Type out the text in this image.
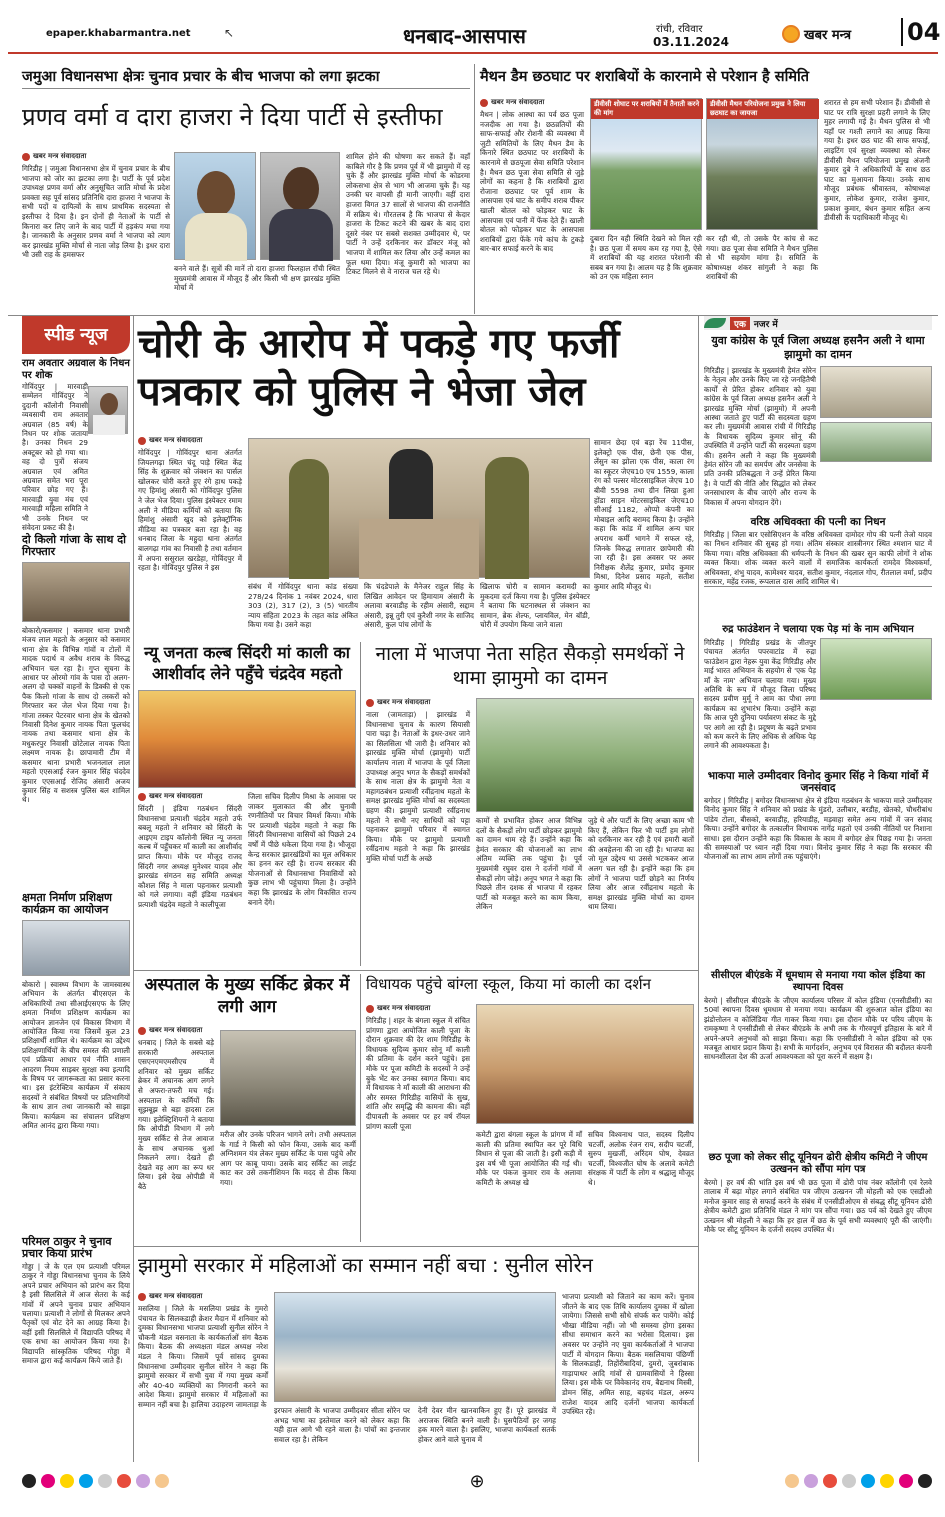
epaper.khabarmantra.net	↖	धनबाद-आसपास	रांची, रविवार
03.11.2024	खबर मन्त्र 04
जमुआ विधानसभा क्षेत्रः चुनाव प्रचार के बीच भाजपा को लगा झटका
प्रणव वर्मा व दारा हाजरा ने दिया पार्टी से इस्तीफा
खबर मन्त्र संवाददाता
गिरिडीह | जमुआ विधानसभा क्षेत्र में चुनाव प्रचार के बीच भाजपा को जोर का झटका लगा है। पार्टी के पूर्व प्रदेश उपाध्यक्ष प्रणव वर्मा और अनुसूचित जाति मोर्चा के प्रदेश प्रवक्ता सह पूर्व सांसद प्रतिनिधि दारा हाजरा ने भाजपा के सभी पदों व दायित्वों के साथ प्राथमिक सदस्यता से इस्तीफा दे दिया है। इन दोनों ही नेताओं के पार्टी से किनारा कर लिए जाने के बाद पार्टी में हड़कंप मचा गया है। जानकारी के अनुसार प्रणव वर्मा ने भाजपा को त्याग कर झारखंड मुक्ति मोर्चा से नाता जोड़ लिया है। इधर दारा भी उसी राह के हमसफर
बनने वाले हैं। सूत्रों की मानें तो दारा हाजरा फिलहाल राँची स्थित मुख्यमंत्री आवास में मौजूद हैं और किसी भी क्षण झारखंड मुक्ति मोर्चा में
शामिल होने की घोषणा कर सकते हैं। वहाँ काबिले गौर है कि प्रणव पूर्व में भी झामुमो में रह चुके हैं और झारखंड मुक्ति मोर्चा के कोडरमा लोकसभा क्षेत्र से भाग भी आजमा चुके हैं। यह उनकी घर वापसी ही मानी जाएगी। वहीं दारा हाजरा विगत 37 सालों से भाजपा की राजनीति में सक्रिय थे। गौरतलब है कि भाजपा से केदार हाजरा के टिकट कटने की खबर के बाद दारा दूसरे नंबर पर सबसे सशक्त उम्मीदवार थे, पर पार्टी ने उन्हें दरकिनार कर डॉक्टर मंजू को भाजपा में शामिल कर लिया और उन्हें कमल का फूल थमा दिया। मंजू कुमारी को भाजपा का टिकट मिलने से वे नाराज चल रहे थे।
मैथन डैम छठघाट पर शराबियों के कारनामे से परेशान है समिति
खबर मन्त्र संवाददाता
मैथन | लोक आस्था का पर्व छठ पूजा नजदीक आ गया है। छठव्रतियों की साफ-सफाई और रोशनी की व्यवस्था में जुटी समितियों के लिए मैथन डैम के किनारे स्थित छठघाट पर शराबियों के कारनामे से छठपूजा सेवा समिति परेशान है। मैथन छठ पूजा सेवा समिति से जुड़े लोगों का कहना है कि शराबियों द्वारा रोजाना छठघाट पर पूर्व शाम के आसपास एवं घाट के समीप शराब पीकर खाली बोतल को फोड़कर घाट के आसपास एवं पानी में फेंक देते हैं। खाली बोतल को फोड़कर घाट के आसपास शराबियों द्वारा फेंके गये कांच के टुकड़े बार-बार सफाई करने के बाद
डीवीसी शोघाट पर शराबियों में तैनाती करने की मांग
डीवीसी मैथन परियोजना प्रमुख ने लिया छठघाट का जायजा
दुबारा दिन वही स्थिति देखने को मिल रही है। छठ पूजा में समय कम रह गया है, ऐसे में शराबियों की यह शरारत परेशानी की सबब बन गया है। आलम यह है कि शुक्रवार को उन एक महिला स्नान
कर रही थी, तो उसके पैर कांच से कट गया। छठ पूजा सेवा समिति ने मैथन पुलिस से भी सहयोग मांगा है। समिति के कोषाध्यक्ष शंकर सांगुली ने कहा कि शराबियों की
शरारत से हम सभी परेशान हैं। डीवीसी से घाट पर रात्रि सुरक्षा प्रहरी लगाने के लिए मुहर लगायी गई है। मैथन पुलिस से भी यहाँ पर गश्ती लगाने का आग्रह किया गया है। इधर छठ घाट की साफ सफाई, लाइटिंग एवं सुरक्षा व्यवस्था को लेकर डीवीसी मैथन परियोजना प्रमुख अंजनी कुमार दुबे ने अधिकारियों के साथ छठ घाट का मुआयना किया। उनके साथ मौजूद प्रबंधक श्रीवास्तव, कोषाध्यक्ष कुमार, लोकेश कुमार, राजेश कुमार, प्रकाश कुमार, बंधन कुमार सहित अन्य डीवीसी के पदाधिकारी मौजूद थे।
स्पीड न्यूज
राम अवतार अग्रवाल के निधन पर शोक
गोविंदपुर | मारवाड़ी सम्मेलन गोविंदपुर ने दुदानी कॉलोनी निवासी व्यवसायी राम अवतार अग्रवाल (85 वर्ष) के निधन पर शोक जताया है। उनका निधन 29 अक्टूबर को हो गया था। वह दो पुत्रों संजय अग्रवाल एवं अमित अग्रवाल समेत भरा पूरा परिवार छोड़ गए हैं। मारवाड़ी युवा मंच एवं मारवाड़ी महिला समिति ने भी उनके निधन पर संवेदना प्रकट की है।
दो किलो गांजा के साथ दो गिरफ्तार
बोकारो/कसमार | कसमार थाना प्रभारी मंजय लाल महतो के अनुसार को कसमार थाना क्षेत्र के विभिन्न गांवों व टोलों में मादक पदार्थ व अवैध शराब के विरुद्ध अभियान चल रहा है। गुप्त सूचना के आधार पर ओरमो गांव के पास दो अलग-अलग दो चक्कों वाहनों के डिक्की से एक पैक किलो गांजा के साथ दो तस्करों को गिरफ्तार कर जेल भेज दिया गया है। गांजा तस्कर पेटरवार थाना क्षेत्र के खेतको निवासी दिनेश कुमार नायक पिता फूलचंद नायक तथा कसमार थाना क्षेत्र के मधुकरपुर निवासी छोटेलाल नायक पिता लक्ष्मण नायक है। छापामारी टीम में कसमार थाना प्रभारी भजनलाल लाल महतो एएसआई रंजन कुमार सिंह चंददेव कुमार एएसआई रोजिद अंसारी अजय कुमार सिंह व सशस्त्र पुलिस बल शामिल थे।
क्षमता निर्माण प्रशिक्षण कार्यक्रम का आयोजन
बोकारो | स्वास्थ्य विभाग के जामस्वास्थ अभियान के अंतर्गत बीएसएल के अधिकारियों तथा सीआईएसएफ के लिए क्षमता निर्माण प्रशिक्षण कार्यक्रम का आयोजन ज्ञानजेन एवं विकास विभाग में आयोजित किया गया जिसमें कुल 23 प्रशिक्षार्थी शामिल थे। कार्यक्रम का उद्देश्य प्रशिक्षणार्थियों के बीच समस्त की प्रणाली एवं प्रक्रिया आधार एवं नीति शासन आदरण नियम साइबर सुरक्षा क्या इत्यादि के विषय पर जागरूकता का प्रसार करना था। इस इंटरेक्टिव कार्यक्रम में संकाय सदस्यों ने संबंधित विषयों पर प्रतिभागियों के साथ ज्ञान तथा जानकारी को साझा किया। कार्यक्रम का संचालन प्रशिक्षण अमित आनंद द्वारा किया गया।
परिमल ठाकुर ने चुनाव प्रचार किया प्रारंभ
गोड्डा | जे के एल एम प्रत्याशी परिमल ठाकुर ने गोड्डा विधानसभा चुनाव के लिये अपने प्रचार अभियान को प्रारंभ कर दिया है इसी सिलसिले में आज सेतरा के कई गांवों में अपने चुनाव प्रचार अभियान चलाया। प्रत्याशी ने लोगों से मिलकर अपने पैतृकों एवं वोट देने का आग्रह किया है। वहीं इसी सिलसिले में विद्यापति परिषद में एक सभा का आयोजन किया गया है। विद्यापति सांस्कृतिक परिषद गोड्डा में समाज द्वारा कई कार्यक्रम किये जाते हैं।
चोरी के आरोप में पकड़े गए फर्जी
पत्रकार को पुलिस ने भेजा जेल
खबर मन्त्र संवाददाता
गोविंदपुर | गोविंदपुर थाना अंतर्गत जियलगढ़ा स्थित चंदू पाड़े स्थित केंद्र सिंह के शुक्रवार को जंक्शन का पार्सल खोलकर चोरी करते हुए रंगे हाथ पकड़े गए हिमांशु अंसारी को गोविंदपुर पुलिस ने जेल भेज दिया। पुलिस इंस्पेक्टर रमाम अली ने मीडिया कर्मियों को बताया कि हिमांशु अंसारी खुद को इलेक्ट्रॉनिक मीडिया का पत्रकार बता रहा है। वह धनबाद जिला के महुदा थाना अंतर्गत बालगढ़ा गांव का निवासी है तथा वर्तमान में अपना ससुराल खरडेहा, गोविंदपुर में रहता है। गोविंदपुर पुलिस ने इस
संबंध में गोविंदपुर थाना कांड संख्या 278/24 दिनांक 1 नवंबर 2024, धारा 303 (2), 317 (2), 3 (5) भारतीय न्याय संहिता 2023 के तहत कांड अंकित किया गया है। उसने कहा
कि चंदडेपाले के मैनेजर राहुल सिंह के लिखित आवेदन पर हिमायाम अंसारी के अलावा बरवाडीह के रहीम अंसारी, सद्दाम अंसारी, इन्नू तुरी एवं कुरैशी नगर के साजिद अंसारी, कुल पांच लोगों के
खिलाफ चोरी व सामान करामदी का मुकदमा दर्ज किया गया है। पुलिस इंस्पेक्टर ने बताया कि घटनास्थल से जंक्शन का सामान, ब्रेक शेल्फ, प्लायविल, मेन बॉडी, चोरी में उपयोग किया जाने वाला
सामान छेदा एवं बड़ा रेंच 11पीस, इलेक्ट्रो एक पीस, छेनी एक पीस, लेंसुन का झोला एक पीस, काला रंग का स्कूटर जेएच10 एच 1559, काला रंग को पल्सर मोटरसाइकिल जेएच 10 बीवी 5598 तथा ग्रीन लिखा हुआ होंडा साइन मोटरसाइकिल जेएच10 सीआई 1182, ओप्पो कंपनी का मोबाइल आदि बरामद किया है। उन्होंने कहा कि कांड में शामिल अन्य चार अपराध कर्मी भागने में सफल रहे, जिनके विरुद्ध लगातार छापेमारी की जा रही है। इस अवसर पर अवर निरीक्षक शैलेंद्र कुमार, प्रमोद कुमार मिश्रा, दिनेश प्रसाद महतो, सतीश कुमार आदि मौजूद थे।
न्यू जनता कल्ब सिंदरी मां काली का आशीर्वाद लेने पहुँचे चंद्रदेव महतो
खबर मन्त्र संवाददाता
सिंदरी | इंडिया गठबंधन सिंदरी विधानसभा प्रत्याशी चंद्रदेव महतो उर्फ बबलू महतो ने शनिवार को सिंदरी के आइएम टाइप कॉलोनी स्थित न्यू जनता कल्ब में पहुँचकर माँ काली का आशीर्वाद प्राप्त किया। मौके पर मौजूद राजद सिंदरी नगर अध्यक्ष मुनेश्वर यादव और झारखंड संगठन सह समिति अध्यक्ष कौशल सिंह ने माला पहनाकर प्रत्याशी को गले लगाया। वहीं इंडिया गठबंधन प्रत्याशी चंद्रदेव महतो ने कालीपूजा
जिला सचिव दिलीप मिश्रा के आवास पर जाकर मुलाकात की और चुनावी रणनीतियों पर विचार विमर्श किया। मौके पर प्रत्याशी चंद्रदेव महतो ने कहा कि सिंदरी विधानसभा वासियों को पिछले 24 वर्षों में पीछे धकेला दिया गया है। भौजूदा केन्द्र सरकार झारखंडियों का मूल अधिकार का हनन कर रही है। राज्य सरकार की योजनाओं से विधानसभा निवासियों को कुछ लाभ भी पहुंचाया मिला है। उन्होंने कहा कि झारखंड के लोग विकसित राज्य बनाने देंगे।
नाला में भाजपा नेता सहित सैकड़ो समर्थकों ने थामा झामुमो का दामन
खबर मन्त्र संवाददाता
नाला (जामताड़ा) | झारखंड में विधानसभा चुनाव के कारण सियासी पारा चढ़ा है। नेताओं के इधर-उधर जाने का सिलसिला भी जारी है। शनिवार को झारखंड मुक्ति मोर्चा (झामुमो) पार्टी कार्यालय नाला में भाजपा के पूर्व जिला उपाध्यक्ष अनूप भगत के सैकड़ों समर्थकों के साथ नाला क्षेत्र के झामुमो नेता व महागठबंधन प्रत्याशी रवींद्रनाथ महतो के समक्ष झारखंड मुक्ति मोर्चा का सदस्यता ग्रहण की। झामुमो प्रत्याशी रवींद्रनाथ महतो ने सभी नए साथियों को पट्टा पहनाकर झामुमो परिवार में स्वागत किया। मौके पर झामुमो प्रत्याशी रवींद्रनाथ महतो ने कहा कि झारखंड मुक्ति मोर्चा पार्टी के अच्छे
कामों से प्रभावित होकर आज विभिन्न दलों के सैकड़ों लोग पार्टी छोड़कर झामुमो का दामन थाम रहे हैं। उन्होंने कहा कि हेमंत सरकार की योजनाओं का लाभ अंतिम व्यक्ति तक पहुंचा है। पूर्व मुख्यमंत्री रघुवर दास ने दर्जनों गांवों में सैकड़ों लोग जोड़े। अनूप भगत ने कहा कि पिछले तीन दशक से भाजपा में रहकर पार्टी को मजबूत करने का काम किया, लेकिन
जुड़े थे और पार्टी के लिए अच्छा काम भी किए हैं, लेकिन फिर भी पार्टी हम लोगों को दरकिनार कर रही है एवं हमारी बातों की अवहेलना की जा रही है। भाजपा का जो मूल उद्देश्य था उससे भटककर आज अलग चल रही है। इन्होंने कहा कि हम लोगों ने भाजपा पार्टी छोड़ने का निर्णय लिया और आज रवींद्रनाथ महतो के समक्ष झारखंड मुक्ति मोर्चा का दामन थाम लिया।
अस्पताल के मुख्य सर्किट ब्रेकर में लगी आग
खबर मन्त्र संवाददाता
धनबाद | जिले के सबसे बड़े सरकारी अस्पताल एसएनएमएमसीएच में शनिवार को मुख्य सर्किट ब्रेकर में अचानक आग लगने से अफरा-तफरी मच गई। अस्पताल के कर्मियों कि सूझबूझ से बड़ा हादसा टल गया। इलेक्ट्रिशियनों ने बताया कि ओपीडी विभाग में लगे मुख्य सर्किट से तेज आवाज के साथ अचानक धुआं निकलने लगा। देखते ही देखते वह आग का रूप धर लिया। इसे देख ओपीडी में बैठे
मरीज और उनके परिजन भागने लगे। तभी अस्पताल के गार्ड ने किसी को फोन किया, उसके बाद कर्मी अग्निशमन यंत्र लेकर मुख्य सर्किट के पास पहुंचे और आग पर काबू पाया। उसके बाद सर्किट का लाईट काट कर उसे तकनीशियन कि मदद से ठीक किया गया।
विधायक पहुंचे बांग्ला स्कूल, किया मां काली का दर्शन
खबर मन्त्र संवाददाता
गिरिडीह | शहर के बंगला स्कूल में संचित प्रांगणा द्वारा आयोजित काली पूजा के दौरान शुक्रवार की देर शाम गिरिडीह के विधायक सुदिव्य कुमार सोनू माँ काली की प्रतिमा के दर्शन करने पहुंचे। इस मौके पर पूजा कमिटी के सदस्यों ने उन्हें बुके भेंट कर उनका स्वागत किया। बाद में विधायक ने माँ काली की आराधना की और समस्त गिरिडीह वासियों के सुख, शांति और समृद्धि की कामना की। वहीं दीपावली के अवसर पर हर वर्ष रॉयल प्रांगण काली पूजा
कमेटी द्वारा बंगला स्कूल के प्रांगण में माँ काली की प्रतिमा स्थापित कर पूरे विधि विधान से पूजा की जाती है। इसी कड़ी में इस वर्ष भी पूजा आयोजित की गई थी। मौके पर पंकज कुमार राव के अलावा कमिटी के अध्यक्ष खे
सचिव विश्वनाथ पात, सदस्य दिलीप चटर्जी, अलोक रंजन राय, सदीप चटर्जी, सुरुप मुखर्जी, अरिंदम घोष, देवव्रत चटर्जी, विश्वजीत घोष के अलावे कमेटी संरक्षक में पार्टी के लोग व श्रद्धालु मौजूद थे।
झामुमो सरकार में महिलाओं का सम्मान नहीं बचा : सुनील सोरेन
खबर मन्त्र संवाददाता
मसलिया | जिले के मसलिया प्रखंड के गुमरो पंचायत के सिलकडाही क्रेशर मैदान में शनिवार को दुमका विधानसभा भाजपा प्रत्याशी सुनील सोरेन ने चौकनी मंडल वसनाता के कार्यकर्ताओं संग बैठक किया। बैठक की अध्यक्षता मंडल अध्यक्ष नरेश मंडल ने किया। जिसमें पूर्व सांसद दुमका विधानसभा उम्मीदवार सुनील सोरेन ने कहा कि झामुमो सरकार में सभी युवा में गया मुख्य कर्मों और 40-40 व्यक्तियों का निगरानी करने का आदेश किया। झामुमो सरकार में महिलाओं का सम्मान नहीं बचा है। हालिया उदाहरण जामताड़ा के
इरफान अंसारी के भाजपा उम्मीदवार सीता सोरेन पर अभद्र भाषा का इस्तेमाल करने को लेकर कहा कि यही हाल आगे भी रहने वाला है। पांचों का इन्तजार सवाल रहा है। लेकिन
देनी देवर मीन खानवाकिन हुए हैं। पूरे झारखंड में अराजक स्थिति बनने वाली है। घुसपैठियों हर जगह हक मारने वाला है। इसलिए, भाजपा कार्यकर्ता सतर्क होकर आने वाले चुनाव में
भाजपा प्रत्याशी को जिताने का काम करें। चुनाव जीतने के बाद एक तिथि कार्यालय दुमका में खोला जायेगा। जिससे सभी सौधे संपर्क कर पायेंगे। कोई भीखा मीडिया नहीं। जो भी समस्या होगा इसका सीधा समाधान करने का भरोसा दिलाया। इस अवसर पर उन्होंने नए युवा कार्यकर्ताओं ने भाजपा पार्टी में योगदान किया। बैठक मसलियाया पंछिर्णी के सिलकडाही, तिहोंरीबादियां, दुमरो, जुबरांबाक गाड़ापाथर आदि गांवों से ग्रामवासियों ने हिस्सा लिया। इस मौके पर विवेकानंद राय, बैद्यनाथ मिस्त्री, डोमन सिंह, अमित साह, बहचंद मंडल, अरूप राजेश यादव आदि दर्जनों भाजपा कार्यकर्ता उपस्थित रहे।
एक नजर में
युवा कांग्रेस के पूर्व जिला अध्यक्ष हसनैन अली ने थामा झामुमो का दामन
गिरिडीह | झारखंड के मुख्यमंत्री हेमंत सोरेन के नेतृत्व और उनके किए जा रहे जनहितैषी कार्यों से प्रेरित होकर शनिवार को युवा कांग्रेस के पूर्व जिला अध्यक्ष हसनैन अली ने झारखंड मुक्ति मोर्चा (झामुमो) में अपनी आस्था जताते हुए पार्टी की सदस्यता ग्रहण कर ली। मुख्यमंत्री आवास रांची में गिरिडीह के विधायक सुदिव्य कुमार सोनू की उपस्थिति में उन्होंने पार्टी की सदस्यता ग्रहण की। हसनैन अली ने कहा कि मुख्यमंत्री हेमंत सोरेन जी का समर्पण और जनसेवा के प्रति उनकी प्रतिबद्धता ने उन्हें प्रेरित किया है। वे पार्टी की नीति और सिद्धांत को लेकर जनसाधारण के बीच जाएंगे और राज्य के विकास में अपना योगदान देंगे।
वरिष्ठ अधिवक्ता की पत्नी का निधन
गिरिडीह | जिला बार एसोसिएशन के वरिष्ठ अधिवक्ता दामोदर गोप की पत्नी तेजो यादव का निधन शनिवार की सुबह हो गया। अंतिम संस्कार शास्त्रीनगर स्थित श्मशान घाट में किया गया। वरिष्ठ अधिवक्ता की धर्मपत्नी के निधन की खबर सुन काफी लोगों ने शोक व्यक्त किया। शोक व्यक्त करने वालों में समाजिक कार्यकर्ता रामदेव विश्वकर्मा, अधिवक्ता, शंभु यादव, कामेश्वर यादव, सतीश कुमार, नंदलाल गोप, रीतलाल वर्मा, प्रदीप सरकार, महेंद्र रजक, रूपलाल दास आदि शामिल थे।
रुद्र फाउंडेशन ने चलाया एक पेड़ मां के नाम अभियान
गिरिडीह | गिरिडीह प्रखंड के जीतपुर पंचायत अंतर्गत पपरवाटांड में रुद्रा फाउंडेशन द्वारा नेहरू युवा केंद्र गिरिडीह और माई भारत अभियान के सहयोग से 'एक पेड़ माँ के नाम' अभियान चलाया गया। मुख्य अतिथि के रूप में मौजूद जिला परिषद सदस्य प्रवीण मुर्मू ने आम का पौधा लगा कार्यक्रम का शुभारंभ किया। उन्होंने कहा कि आज पूरी दुनिया पर्यावरण संकट के मुद्दे पर आगे आ रही है। प्रदूषण के बढ़ते प्रभाव को कम करने के लिए अधिक से अधिक पेड़ लगाने की आवश्यकता है।
भाकपा माले उम्मीदवार विनोद कुमार सिंह ने किया गांवों में जनसंवाद
बगोदर | गिरिडीह | बगोदर विधानसभा क्षेत्र से इंडिया गठबंधन के भाकपा माले उम्मीदवार विनोद कुमार सिंह ने शनिवार को प्रखंड के मुंडरो, उलीबार, बरडीह, खेतको, चौधरीबांध पांडेय टोला, बीसको, बरवाडीह, हरियाडीह, मड़वाहा समेत अन्य गांवों में जन संवाद किया। उन्होंने बगोदर के तत्कालीन विधायक नागेंद्र महतो एवं उनकी नीतियों पर निशाना साधा। इस दौरान उन्होंने कहा कि विकास के काम में बगोदर क्षेत्र पिछड़ गया है। जनता की समस्याओं पर ध्यान नहीं दिया गया। विनोद कुमार सिंह ने कहा कि सरकार की योजनाओं का लाभ आम लोगों तक पहुंचाएंगे।
सीसीएल बीएंडके में धूमधाम से मनाया गया कोल इंडिया का स्थापना दिवस
बेरमो | सीसीएल बीएंडके के जीएम कार्यालय परिसर में कोल इंडिया (एनसीडीसी) का 50वां स्थापना दिवस धूमधाम से मनाया गया। कार्यक्रम की शुरुआत कोल इंडिया का झंडोत्तोलन व कोलिंडिया गीत गाकर किया गया। इस दौरान मौके पर परिय जीएम के रामकृष्णा ने एनसीडीसी से लेकर बीएंडके के अभी तक के गौरवपूर्ण इतिहास के बारे में अपने-अपने अनुभवों को साझा किया। कहा कि एनसीडीसी ने कोल इंडिया को एक मजबूत आधार प्रदान किया है। सभी के मार्गदर्शन, अनुभव एवं विरासत की बदौलत कंपनी साधनशीलता देश की ऊर्जा आवश्यकता को पूरा करने में सक्षम है।
छठ पूजा को लेकर सीटू यूनियन ढोरी क्षेत्रीय कमिटी ने जीएम उत्खनन को सौंपा मांग पत्र
बेरमो | हर वर्ष की भांति इस वर्ष भी छठ पूजा में ढोरी पांच नंबर कॉलोनी एवं रेलवे तालाब में बढ़ा मोहर लगाने संबंधित पत्र जीएम उत्खनन जी मोहली को एक एसडीओ मनोज कुमार साह से सफाई करने के संबंध में एनसीडीओएम से संबद्ध सीटू यूनियन ढोरी क्षेत्रीय कमेटी द्वारा प्रतिनिधि मंडल ने मांग पत्र सौंपा गया। छठ पर्व को देखते हुए जीएम उत्खनन श्री मोहली ने कहा कि हर हाल में छठ के पूर्व सभी व्यवस्थाएं पूरी की जाएंगी। मौके पर सीटू यूनियन के दर्जनों सदस्य उपस्थित थे।
⊕
